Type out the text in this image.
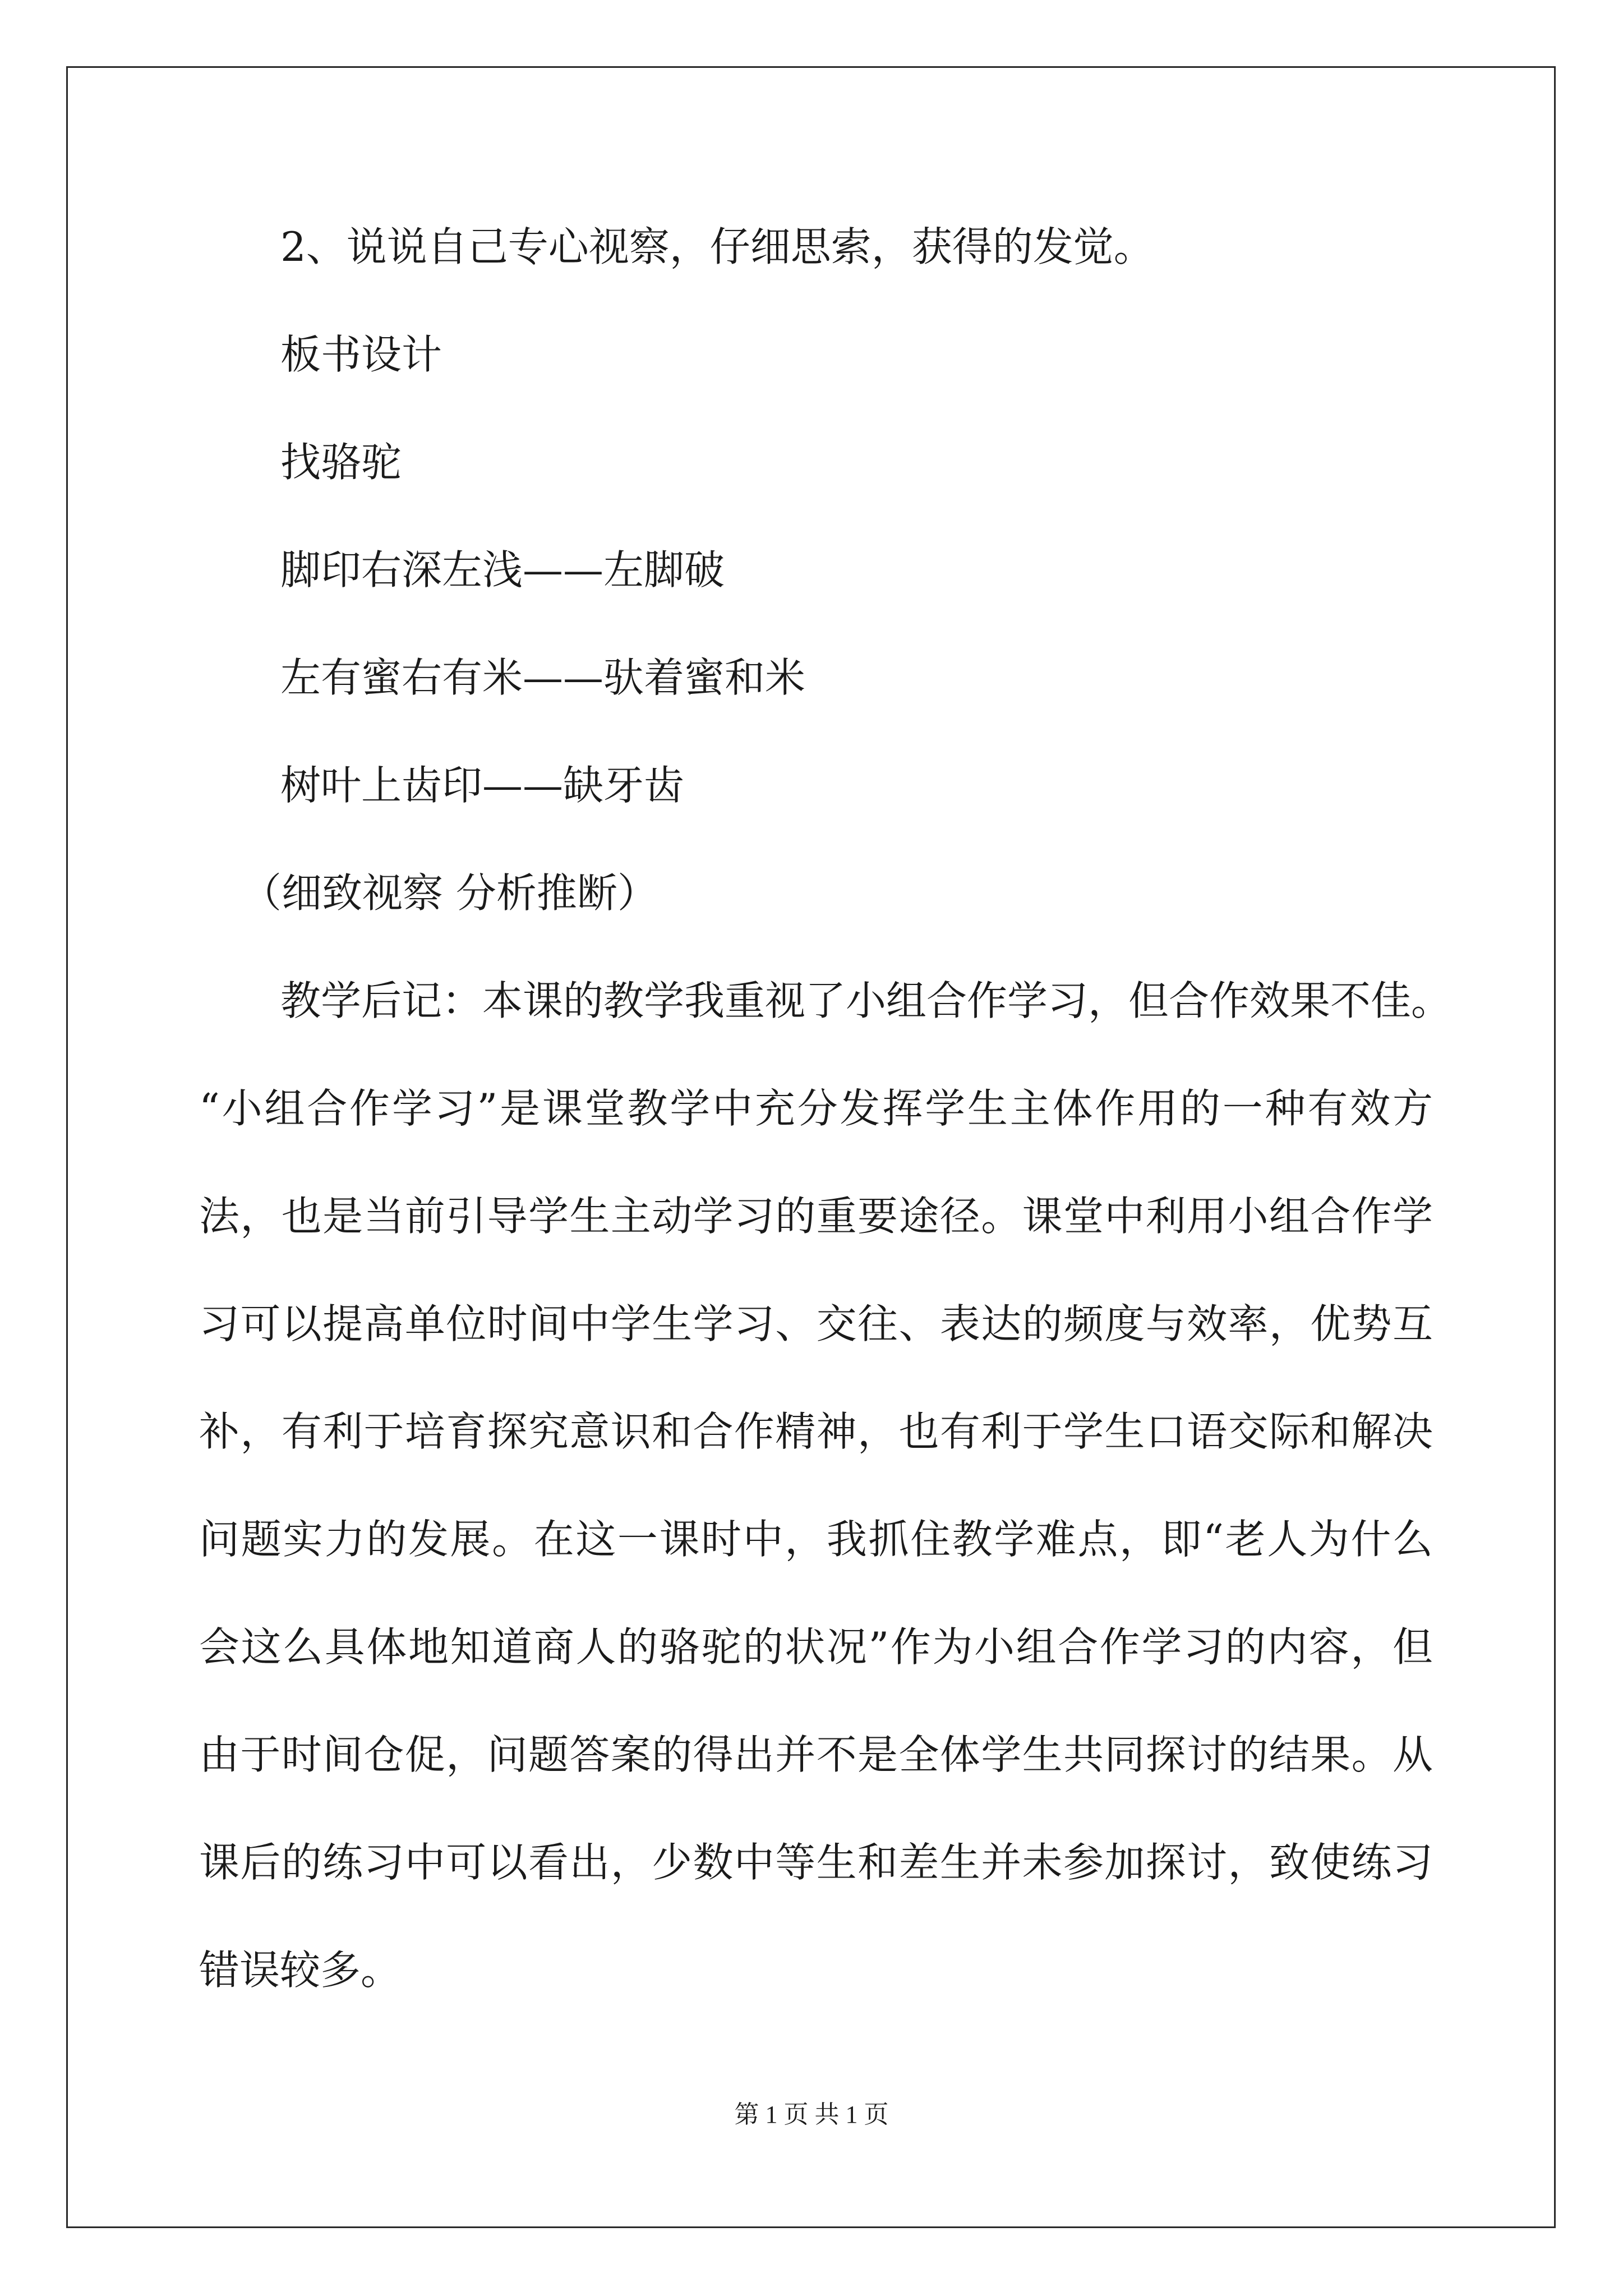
2、说说自己专心视察，仔细思索，获得的发觉。

板书设计

找骆驼

脚印右深左浅——左脚破

左有蜜右有米——驮着蜜和米

树叶上齿印——缺牙齿

（细致视察 分析推断）

教学后记：本课的教学我重视了小组合作学习，但合作效果不佳。

“小组合作学习”是课堂教学中充分发挥学生主体作用的一种有效方

法，也是当前引导学生主动学习的重要途径。课堂中利用小组合作学

习可以提高单位时间中学生学习、交往、表达的频度与效率，优势互

补，有利于培育探究意识和合作精神，也有利于学生口语交际和解决

问题实力的发展。在这一课时中，我抓住教学难点，即“老人为什么

会这么具体地知道商人的骆驼的状况”作为小组合作学习的内容，但

由于时间仓促，问题答案的得出并不是全体学生共同探讨的结果。从

课后的练习中可以看出，少数中等生和差生并未参加探讨，致使练习

错误较多。

第 1 页 共 1 页
